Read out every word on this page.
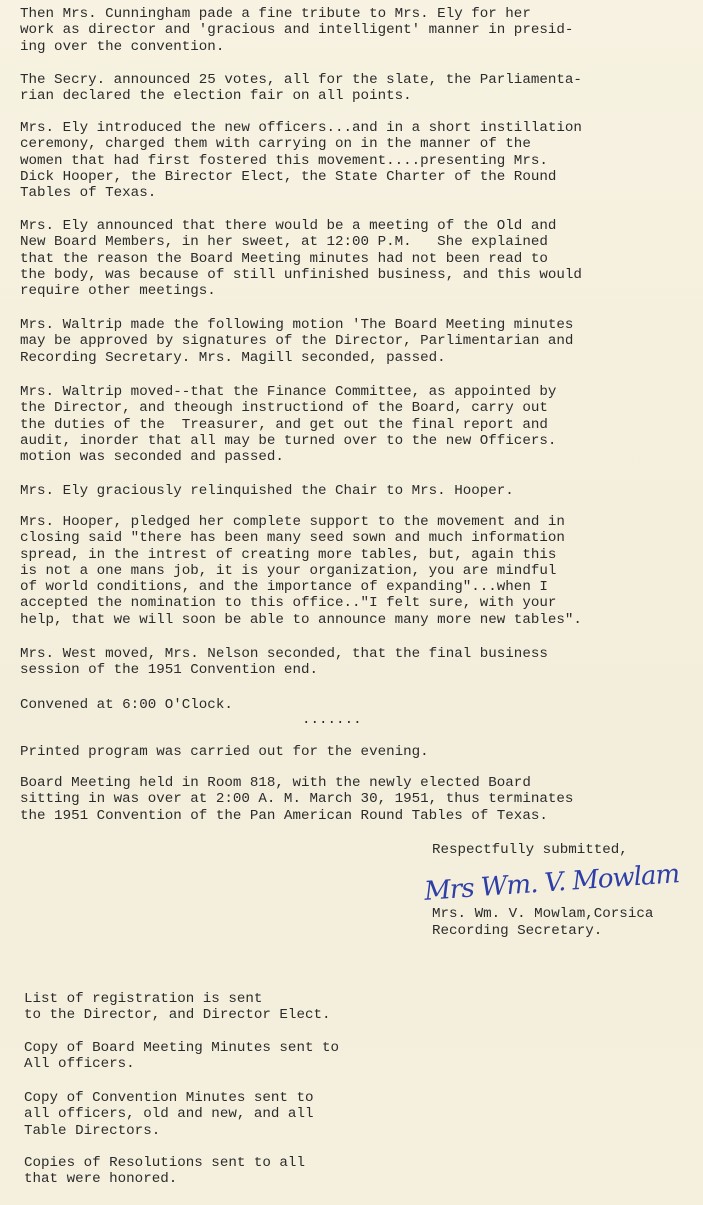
Then Mrs. Cunningham pade a fine tribute to Mrs. Ely for her
work as director and 'gracious and intelligent' manner in presid-
ing over the convention.
The Secry. announced 25 votes, all for the slate, the Parliamenta-
rian declared the election fair on all points.
Mrs. Ely introduced the new officers...and in a short instillation
ceremony, charged them with carrying on in the manner of the
women that had first fostered this movement....presenting Mrs.
Dick Hooper, the Birector Elect, the State Charter of the Round
Tables of Texas.
Mrs. Ely announced that there would be a meeting of the Old and
New Board Members, in her sweet, at 12:00 P.M.   She explained
that the reason the Board Meeting minutes had not been read to
the body, was because of still unfinished business, and this would
require other meetings.
Mrs. Waltrip made the following motion 'The Board Meeting minutes
may be approved by signatures of the Director, Parlimentarian and
Recording Secretary. Mrs. Magill seconded, passed.
Mrs. Waltrip moved--that the Finance Committee, as appointed by
the Director, and theough instructiond of the Board, carry out
the duties of the  Treasurer, and get out the final report and
audit, inorder that all may be turned over to the new Officers.
motion was seconded and passed.
Mrs. Ely graciously relinquished the Chair to Mrs. Hooper.
Mrs. Hooper, pledged her complete support to the movement and in
closing said "there has been many seed sown and much information
spread, in the intrest of creating more tables, but, again this
is not a one mans job, it is your organization, you are mindful
of world conditions, and the importance of expanding"...when I
accepted the nomination to this office.."I felt sure, with your
help, that we will soon be able to announce many more new tables".
Mrs. West moved, Mrs. Nelson seconded, that the final business
session of the 1951 Convention end.
Convened at 6:00 O'Clock.
.......
Printed program was carried out for the evening.
Board Meeting held in Room 818, with the newly elected Board
sitting in was over at 2:00 A. M. March 30, 1951, thus terminates
the 1951 Convention of the Pan American Round Tables of Texas.
Respectfully submitted,
Mrs Wm. V. Mowlam
Mrs. Wm. V. Mowlam,Corsica
Recording Secretary.
List of registration is sent
to the Director, and Director Elect.
Copy of Board Meeting Minutes sent to
All officers.
Copy of Convention Minutes sent to
all officers, old and new, and all
Table Directors.
Copies of Resolutions sent to all
that were honored.
